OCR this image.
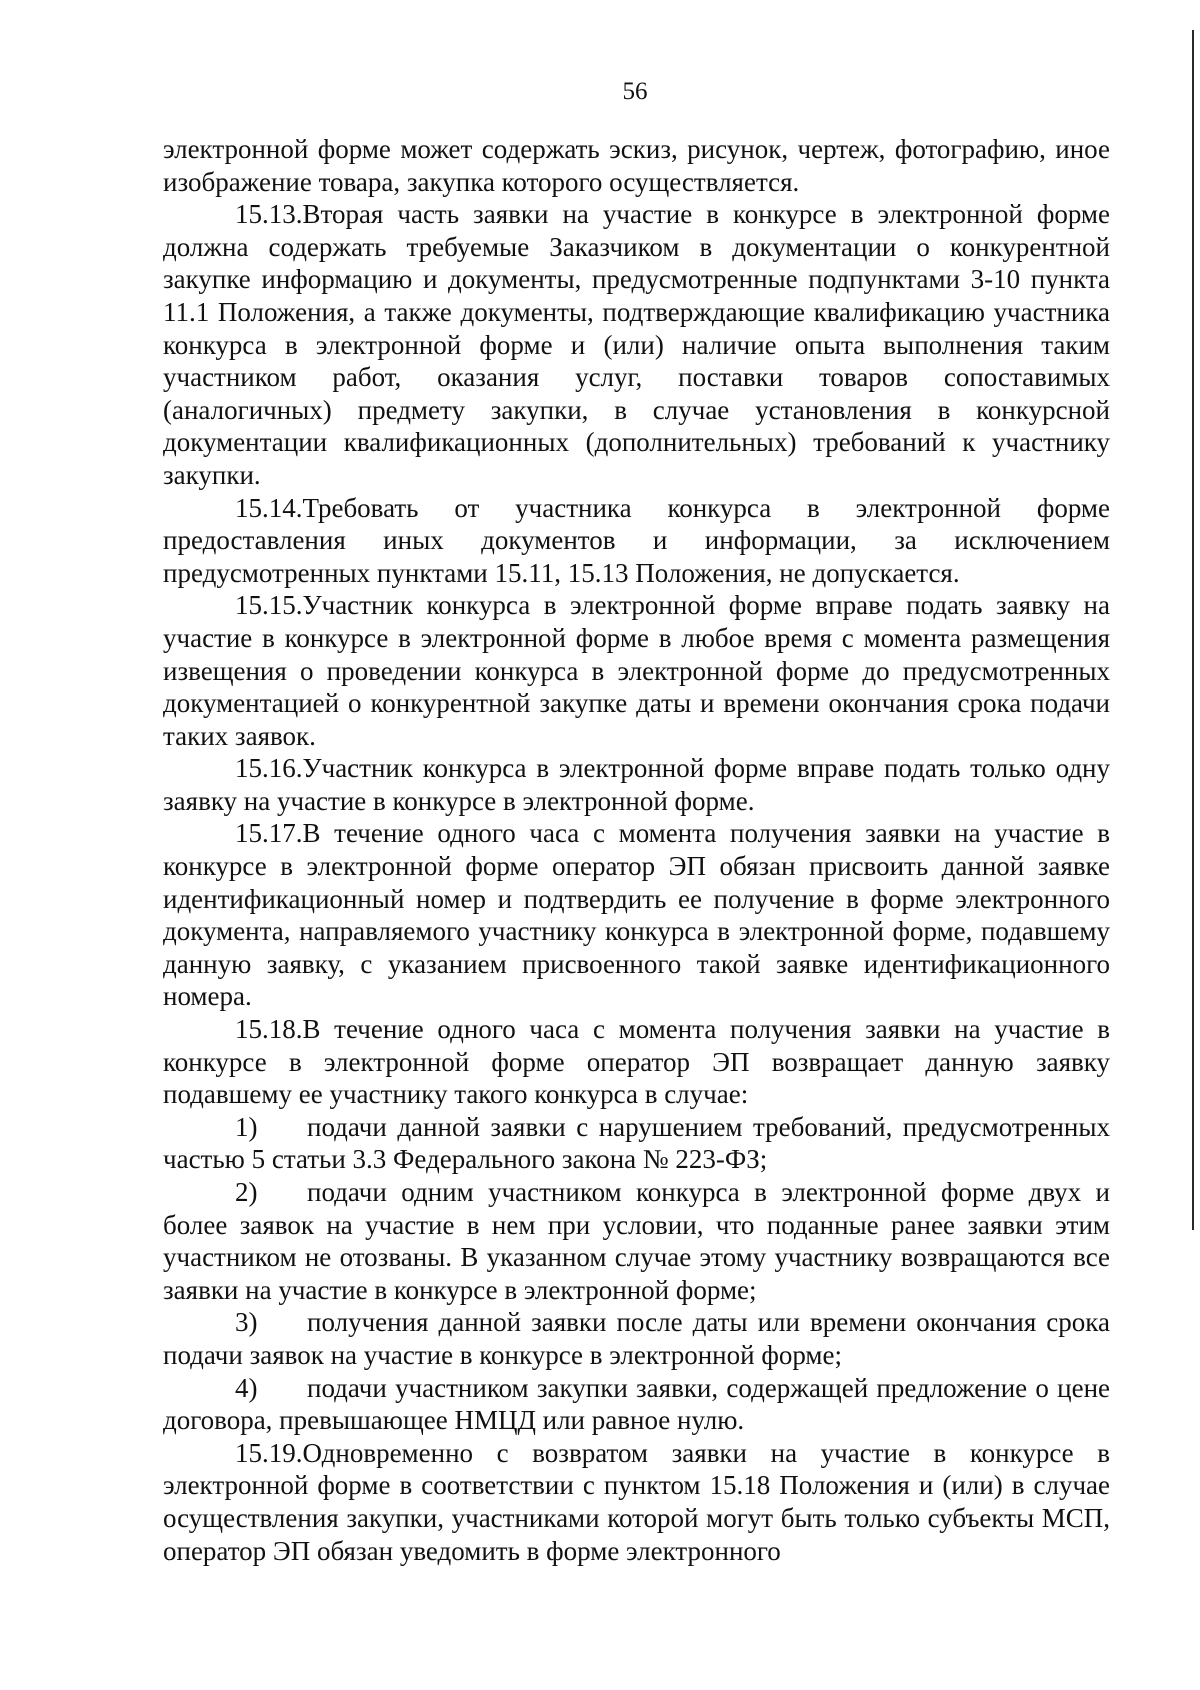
56

электронной форме может содержать эскиз, рисунок, чертеж, фотографию, иное изображение товара, закупка которого осуществляется.

15.13.Вторая часть заявки на участие в конкурсе в электронной форме должна содержать требуемые Заказчиком в документации о конкурентной закупке информацию и документы, предусмотренные подпунктами 3-10 пункта 11.1 Положения, а также документы, подтверждающие квалификацию участника конкурса в электронной форме и (или) наличие опыта выполнения таким участником работ, оказания услуг, поставки товаров сопоставимых (аналогичных) предмету закупки, в случае установления в конкурсной документации квалификационных (дополнительных) требований к участнику закупки.

15.14.Требовать от участника конкурса в электронной форме предоставления иных документов и информации, за исключением предусмотренных пунктами 15.11, 15.13 Положения, не допускается.

15.15.Участник конкурса в электронной форме вправе подать заявку на участие в конкурсе в электронной форме в любое время с момента размещения извещения о проведении конкурса в электронной форме до предусмотренных документацией о конкурентной закупке даты и времени окончания срока подачи таких заявок.

15.16.Участник конкурса в электронной форме вправе подать только одну заявку на участие в конкурсе в электронной форме.

15.17.В течение одного часа с момента получения заявки на участие в конкурсе в электронной форме оператор ЭП обязан присвоить данной заявке идентификационный номер и подтвердить ее получение в форме электронного документа, направляемого участнику конкурса в электронной форме, подавшему данную заявку, с указанием присвоенного такой заявке идентификационного номера.

15.18.В течение одного часа с момента получения заявки на участие в конкурсе в электронной форме оператор ЭП возвращает данную заявку подавшему ее участнику такого конкурса в случае:

1) подачи данной заявки с нарушением требований, предусмотренных частью 5 статьи 3.3 Федерального закона № 223-ФЗ;

2) подачи одним участником конкурса в электронной форме двух и более заявок на участие в нем при условии, что поданные ранее заявки этим участником не отозваны. В указанном случае этому участнику возвращаются все заявки на участие в конкурсе в электронной форме;

3) получения данной заявки после даты или времени окончания срока подачи заявок на участие в конкурсе в электронной форме;

4) подачи участником закупки заявки, содержащей предложение о цене договора, превышающее НМЦД или равное нулю.

15.19.Одновременно с возвратом заявки на участие в конкурсе в электронной форме в соответствии с пунктом 15.18 Положения и (или) в случае осуществления закупки, участниками которой могут быть только субъекты МСП, оператор ЭП обязан уведомить в форме электронного
